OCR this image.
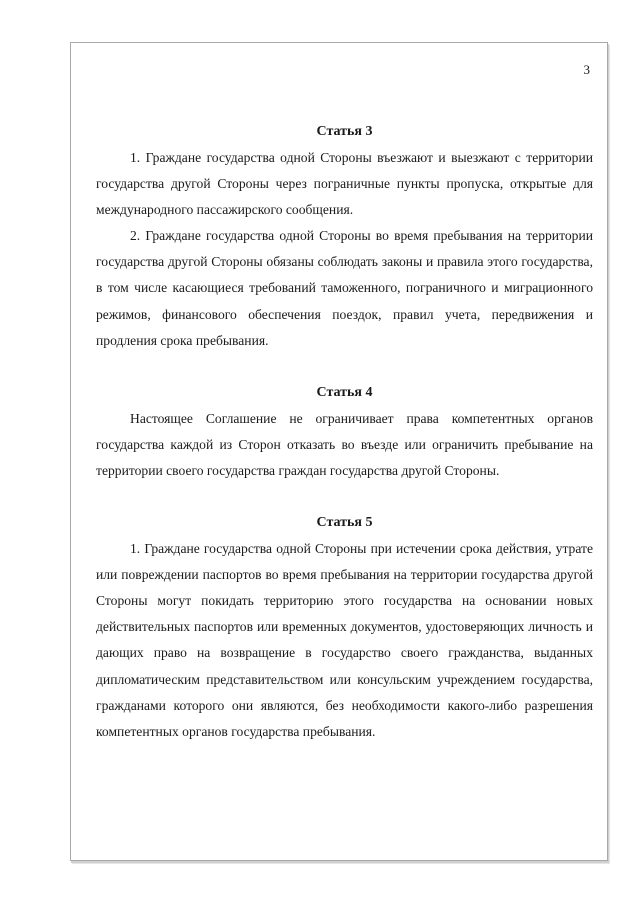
3
Статья 3

1. Граждане государства одной Стороны въезжают и выезжают с территории государства другой Стороны через пограничные пункты пропуска, открытые для международного пассажирского сообщения.

2. Граждане государства одной Стороны во время пребывания на территории государства другой Стороны обязаны соблюдать законы и правила этого государства, в том числе касающиеся требований таможенного, пограничного и миграционного режимов, финансового обеспечения поездок, правил учета, передвижения и продления срока пребывания.

Статья 4

Настоящее Соглашение не ограничивает права компетентных органов государства каждой из Сторон отказать во въезде или ограничить пребывание на территории своего государства граждан государства другой Стороны.

Статья 5

1. Граждане государства одной Стороны при истечении срока действия, утрате или повреждении паспортов во время пребывания на территории государства другой Стороны могут покидать территорию этого государства на основании новых действительных паспортов или временных документов, удостоверяющих личность и дающих право на возвращение в государство своего гражданства, выданных дипломатическим представительством или консульским учреждением государства, гражданами которого они являются, без необходимости какого-либо разрешения компетентных органов государства пребывания.
